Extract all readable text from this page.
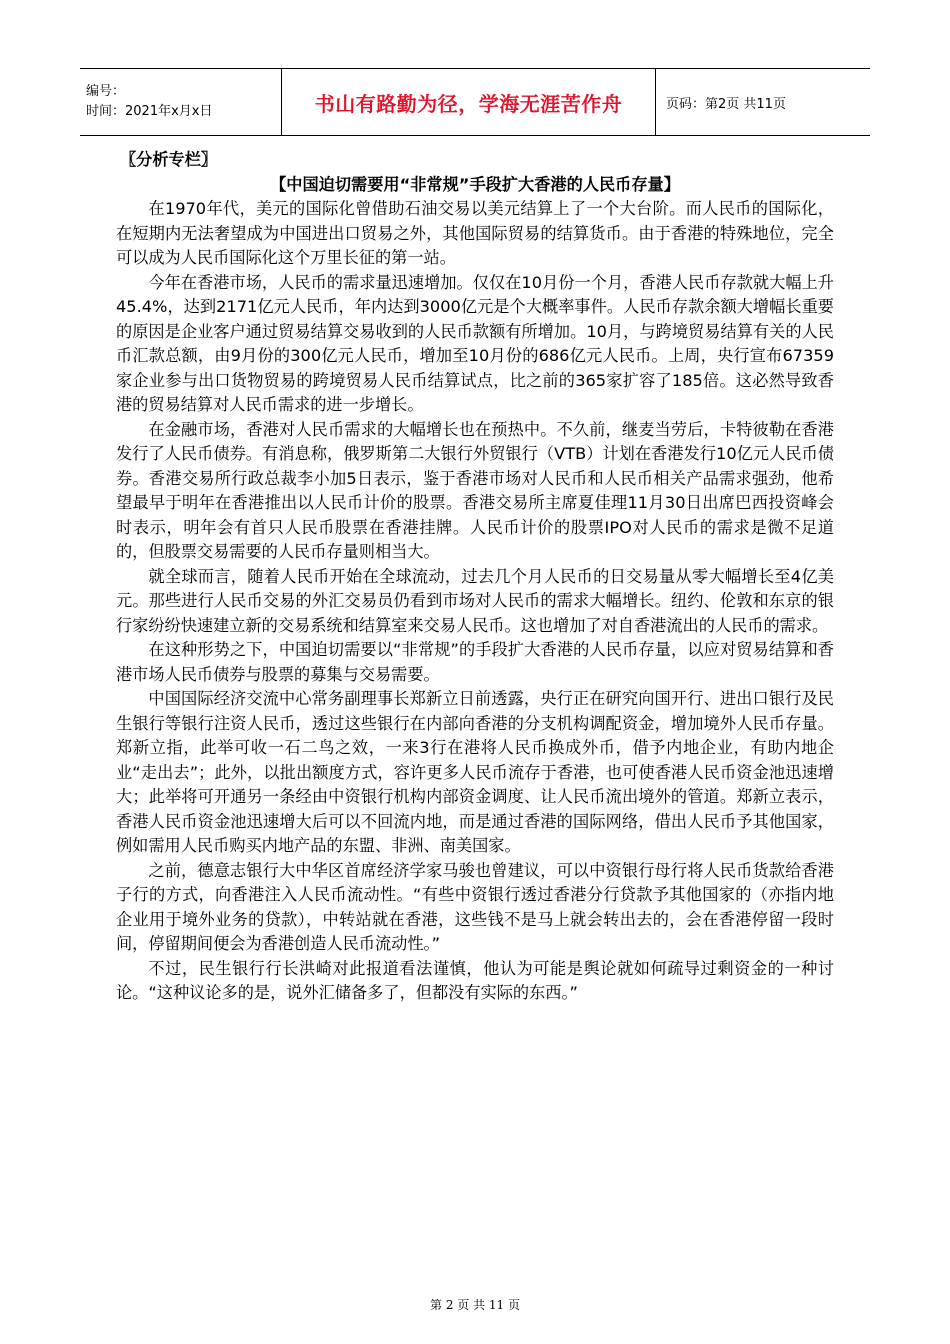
编号：
时间：2021年x月x日	书山有路勤为径，学海无涯苦作舟	页码：第2页 共11页

〖分析专栏〗

【中国迫切需要用“非常规”手段扩大香港的人民币存量】

在1970年代，美元的国际化曾借助石油交易以美元结算上了一个大台阶。而人民币的国际化，在短期内无法奢望成为中国进出口贸易之外，其他国际贸易的结算货币。由于香港的特殊地位，完全可以成为人民币国际化这个万里长征的第一站。

今年在香港市场，人民币的需求量迅速增加。仅仅在10月份一个月，香港人民币存款就大幅上升45.4%，达到2171亿元人民币，年内达到3000亿元是个大概率事件。人民币存款余额大增幅长重要的原因是企业客户通过贸易结算交易收到的人民币款额有所增加。10月，与跨境贸易结算有关的人民币汇款总额，由9月份的300亿元人民币，增加至10月份的686亿元人民币。上周，央行宣布67359家企业参与出口货物贸易的跨境贸易人民币结算试点，比之前的365家扩容了185倍。这必然导致香港的贸易结算对人民币需求的进一步增长。

在金融市场，香港对人民币需求的大幅增长也在预热中。不久前，继麦当劳后，卡特彼勒在香港发行了人民币债券。有消息称，俄罗斯第二大银行外贸银行（VTB）计划在香港发行10亿元人民币债券。香港交易所行政总裁李小加5日表示，鉴于香港市场对人民币和人民币相关产品需求强劲，他希望最早于明年在香港推出以人民币计价的股票。香港交易所主席夏佳理11月30日出席巴西投资峰会时表示，明年会有首只人民币股票在香港挂牌。人民币计价的股票IPO对人民币的需求是微不足道的，但股票交易需要的人民币存量则相当大。

就全球而言，随着人民币开始在全球流动，过去几个月人民币的日交易量从零大幅增长至4亿美元。那些进行人民币交易的外汇交易员仍看到市场对人民币的需求大幅增长。纽约、伦敦和东京的银行家纷纷快速建立新的交易系统和结算室来交易人民币。这也增加了对自香港流出的人民币的需求。

在这种形势之下，中国迫切需要以“非常规”的手段扩大香港的人民币存量，以应对贸易结算和香港市场人民币债券与股票的募集与交易需要。

中国国际经济交流中心常务副理事长郑新立日前透露，央行正在研究向国开行、进出口银行及民生银行等银行注资人民币，透过这些银行在内部向香港的分支机构调配资金，增加境外人民币存量。郑新立指，此举可收一石二鸟之效，一来3行在港将人民币换成外币，借予内地企业，有助内地企业“走出去”；此外，以批出额度方式，容许更多人民币流存于香港，也可使香港人民币资金池迅速增大；此举将可开通另一条经由中资银行机构内部资金调度、让人民币流出境外的管道。郑新立表示，香港人民币资金池迅速增大后可以不回流内地，而是通过香港的国际网络，借出人民币予其他国家，例如需用人民币购买内地产品的东盟、非洲、南美国家。

之前，德意志银行大中华区首席经济学家马骏也曾建议，可以中资银行母行将人民币货款给香港子行的方式，向香港注入人民币流动性。“有些中资银行透过香港分行贷款予其他国家的（亦指内地企业用于境外业务的贷款），中转站就在香港，这些钱不是马上就会转出去的，会在香港停留一段时间，停留期间便会为香港创造人民币流动性。”

不过，民生银行行长洪崎对此报道看法谨慎，他认为可能是舆论就如何疏导过剩资金的一种讨论。“这种议论多的是，说外汇储备多了，但都没有实际的东西。”

第 2 页 共 11 页
